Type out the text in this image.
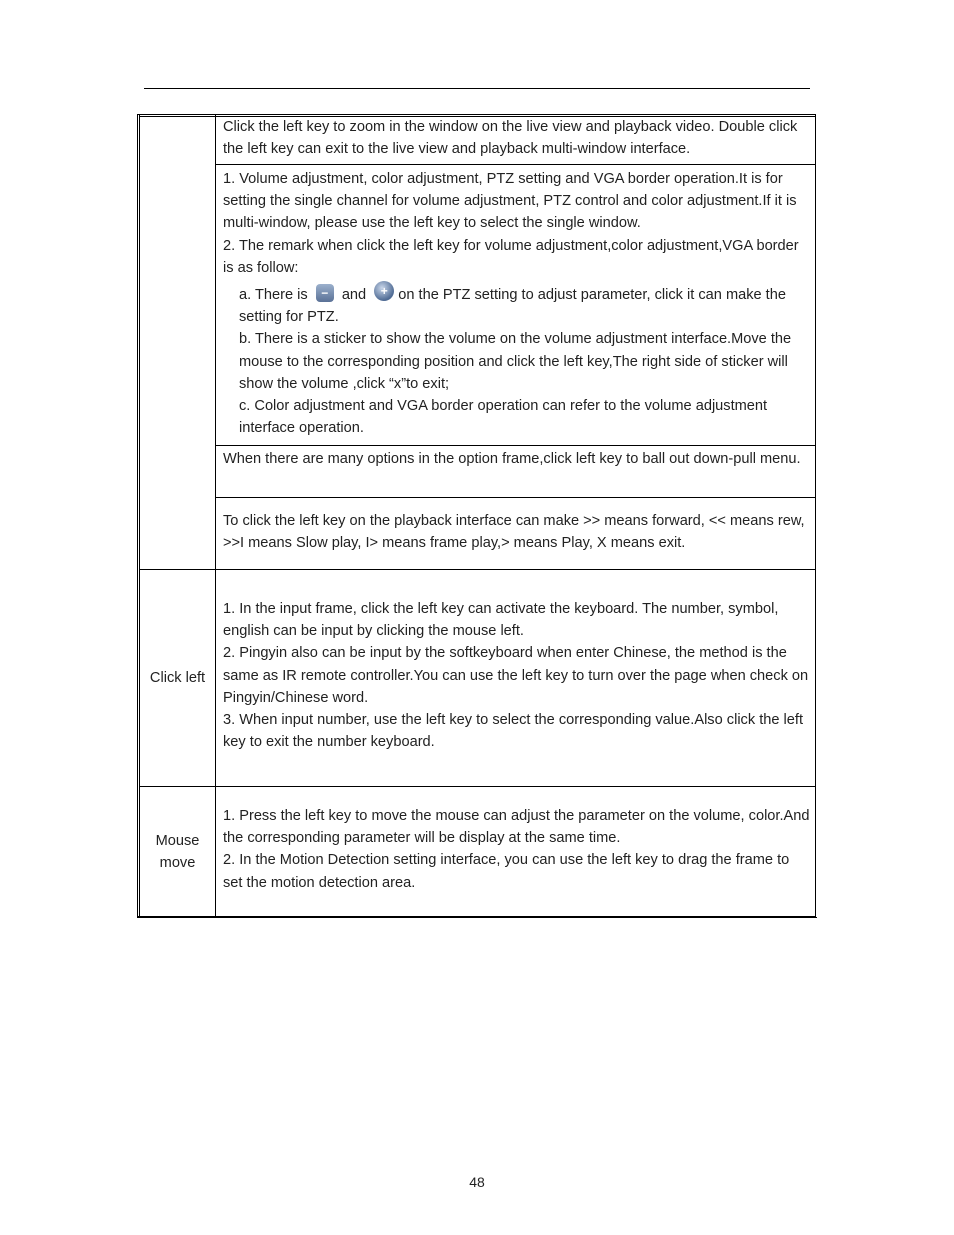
Click the left key to zoom in the window on the live view and playback video. Double click the left key can exit to the live view and playback multi-window interface.

1. Volume adjustment, color adjustment, PTZ setting and VGA border operation.It is for setting the single channel for volume adjustment, PTZ control and color adjustment.If it is multi-window, please use the left key to select the single window.

2. The remark when click the left key for volume adjustment,color adjustment,VGA border is as follow:

a. There is	− and	+ on the PTZ setting to adjust parameter, click it can make the setting for PTZ.

b. There is a sticker to show the volume on the volume adjustment interface.Move the mouse to the corresponding position and click the left key,The right side of sticker will show the volume ,click “x”to exit;

c. Color adjustment and VGA border operation can refer to the volume adjustment interface operation.

When there are many options in the option frame,click left key to ball out down-pull menu.

To click the left key on the playback interface can make >> means forward, << means rew, >>I means Slow play, I> means frame play,> means Play, X means exit.

Click left

1. In the input frame, click the left key can activate the keyboard. The number, symbol, english can be input by clicking the mouse left.

2. Pingyin also can be input by the softkeyboard when enter Chinese, the method is the same as IR remote controller.You can use the left key to turn over the page when check on Pingyin/Chinese word.

3. When input number, use the left key to select the corresponding value.Also click the left key to exit the number keyboard.

Mouse move

1. Press the left key to move the mouse can adjust the parameter on the volume, color.And the corresponding parameter will be display at the same time.

2. In the Motion Detection setting interface, you can use the left key to drag the frame to set the motion detection area.

48
